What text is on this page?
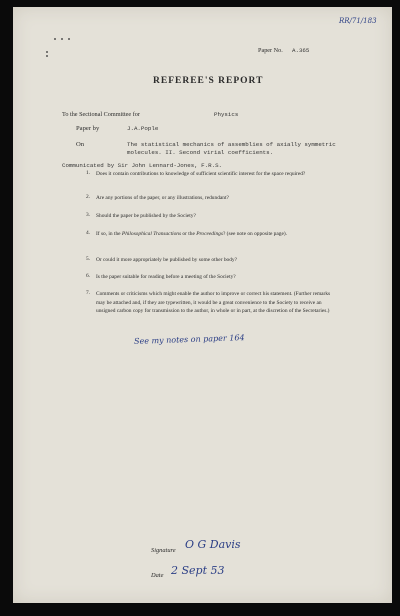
RR/71/183
Paper No. A.365
REFEREE'S REPORT
To the Sectional Committee for	Physics
Paper by	J.A.Pople
On	The statistical mechanics of assemblies of axially symmetric
molecules. II. Second virial coefficients.
Communicated by Sir John Lennard-Jones, F.R.S.
1. Does it contain contributions to knowledge of sufficient scientific interest for the space required?
2. Are any portions of the paper, or any illustrations, redundant?
3. Should the paper be published by the Society?
4. If so, in the Philosophical Transactions or the Proceedings? (see note on opposite page).
5. Or could it more appropriately be published by some other body?
6. Is the paper suitable for reading before a meeting of the Society?
7. Comments or criticisms which might enable the author to improve or correct his statement. (Further remarks may be attached and, if they are typewritten, it would be a great convenience to the Society to receive an unsigned carbon copy for transmission to the author, in whole or in part, at the discretion of the Secretaries.)
See my notes on paper 164
Signature O G Davis
Date 2 Sept 53
